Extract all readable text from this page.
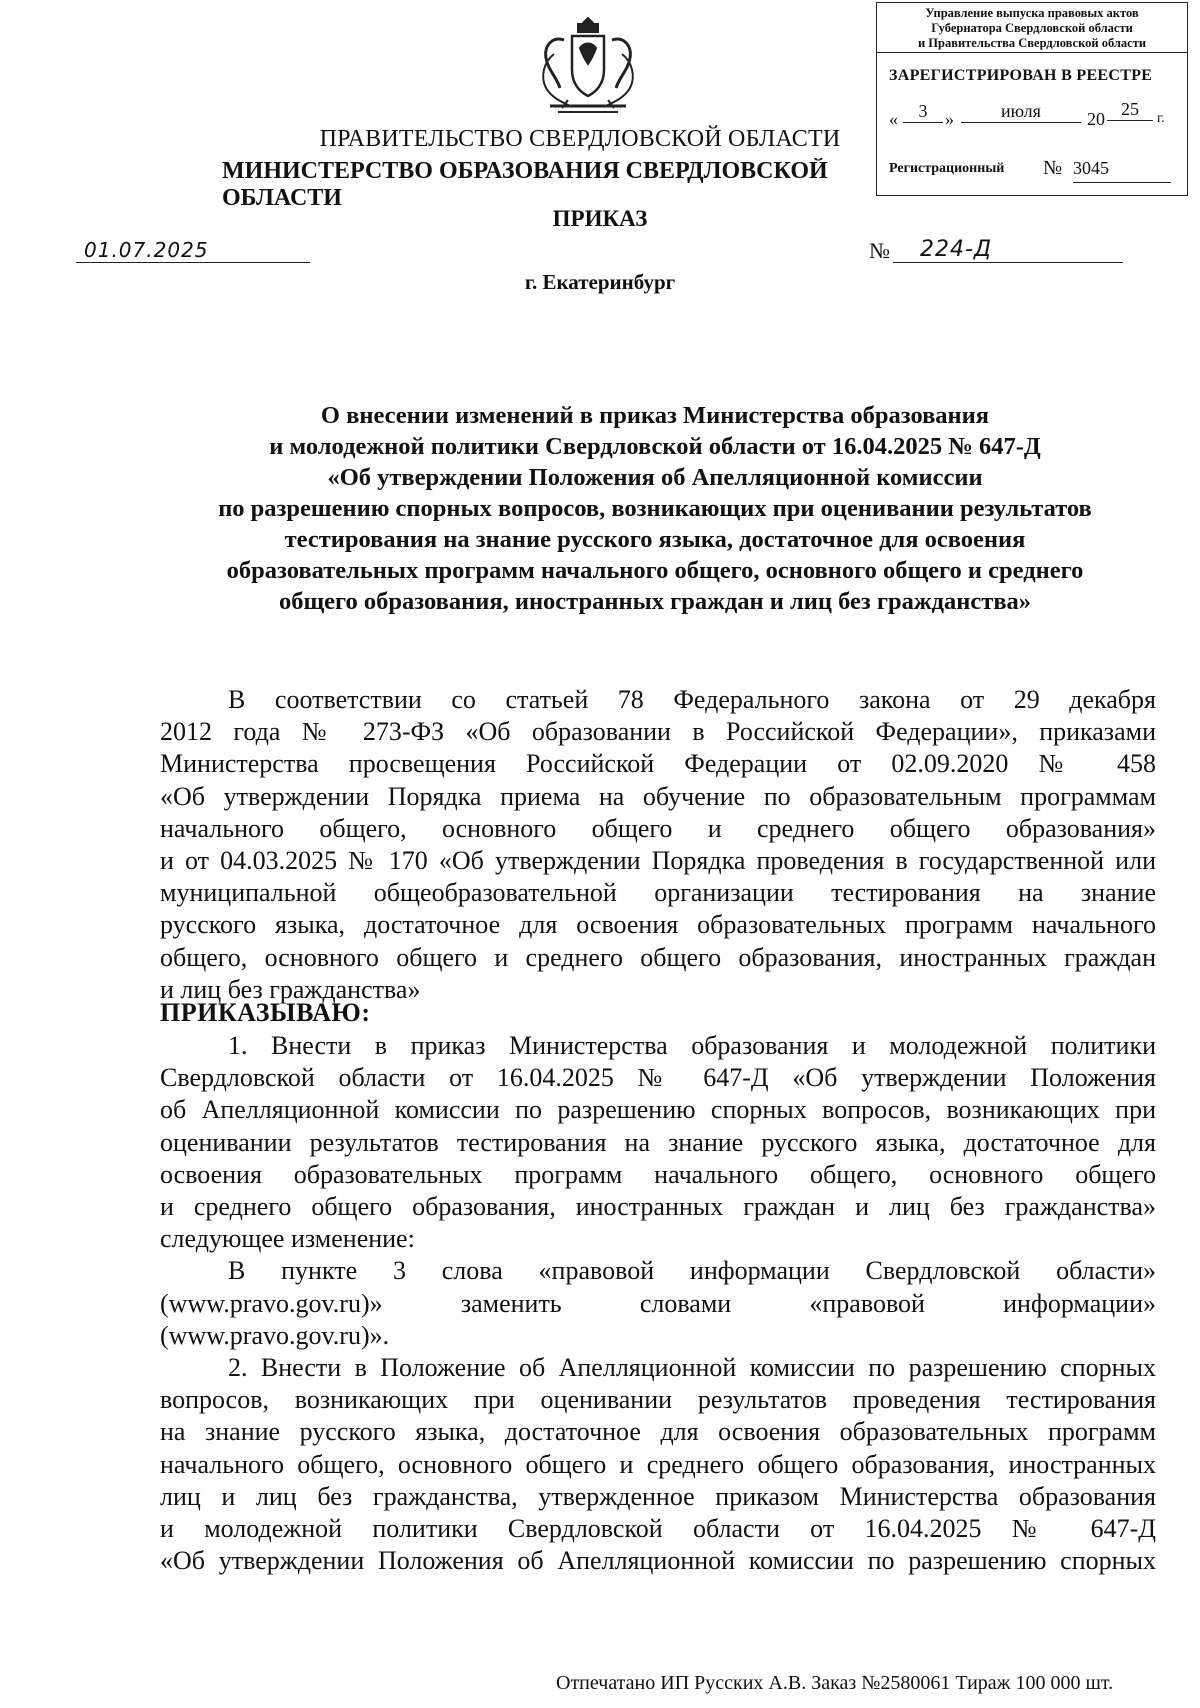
Управление выпуска правовых актов
Губернатора Свердловской области
и Правительства Свердловской области
ЗАРЕГИСТРИРОВАН В РЕЕСТРЕ
«	3 »	июля	20 25	г.
Регистрационный № 3045
ПРАВИТЕЛЬСТВО СВЕРДЛОВСКОЙ ОБЛАСТИ
МИНИСТЕРСТВО ОБРАЗОВАНИЯ СВЕРДЛОВСКОЙ ОБЛАСТИ
ПРИКАЗ
01.07.2025	№ 224-Д
г. Екатеринбург
О внесении изменений в приказ Министерства образования
и молодежной политики Свердловской области от 16.04.2025 № 647-Д
«Об утверждении Положения об Апелляционной комиссии
по разрешению спорных вопросов, возникающих при оценивании результатов
тестирования на знание русского языка, достаточное для освоения
образовательных программ начального общего, основного общего и среднего
общего образования, иностранных граждан и лиц без гражданства»
В соответствии со статьей 78 Федерального закона от 29 декабря
2012 года № 273-ФЗ «Об образовании в Российской Федерации», приказами
Министерства просвещения Российской Федерации от 02.09.2020 № 458
«Об утверждении Порядка приема на обучение по образовательным программам
начального общего, основного общего и среднего общего образования»
и от 04.03.2025 № 170 «Об утверждении Порядка проведения в государственной или
муниципальной общеобразовательной организации тестирования на знание
русского языка, достаточное для освоения образовательных программ начального
общего, основного общего и среднего общего образования, иностранных граждан
и лиц без гражданства»
ПРИКАЗЫВАЮ:
1. Внести в приказ Министерства образования и молодежной политики
Свердловской области от 16.04.2025 № 647-Д «Об утверждении Положения
об Апелляционной комиссии по разрешению спорных вопросов, возникающих при
оценивании результатов тестирования на знание русского языка, достаточное для
освоения образовательных программ начального общего, основного общего
и среднего общего образования, иностранных граждан и лиц без гражданства»
следующее изменение:
В пункте 3 слова «правовой информации Свердловской области»
(www.pravo.gov.ru)» заменить словами «правовой информации»
(www.pravo.gov.ru)».
2. Внести в Положение об Апелляционной комиссии по разрешению спорных
вопросов, возникающих при оценивании результатов проведения тестирования
на знание русского языка, достаточное для освоения образовательных программ
начального общего, основного общего и среднего общего образования, иностранных
лиц и лиц без гражданства, утвержденное приказом Министерства образования
и молодежной политики Свердловской области от 16.04.2025 № 647-Д
«Об утверждении Положения об Апелляционной комиссии по разрешению спорных
Отпечатано ИП Русских А.В. Заказ №2580061 Тираж 100 000 шт.
